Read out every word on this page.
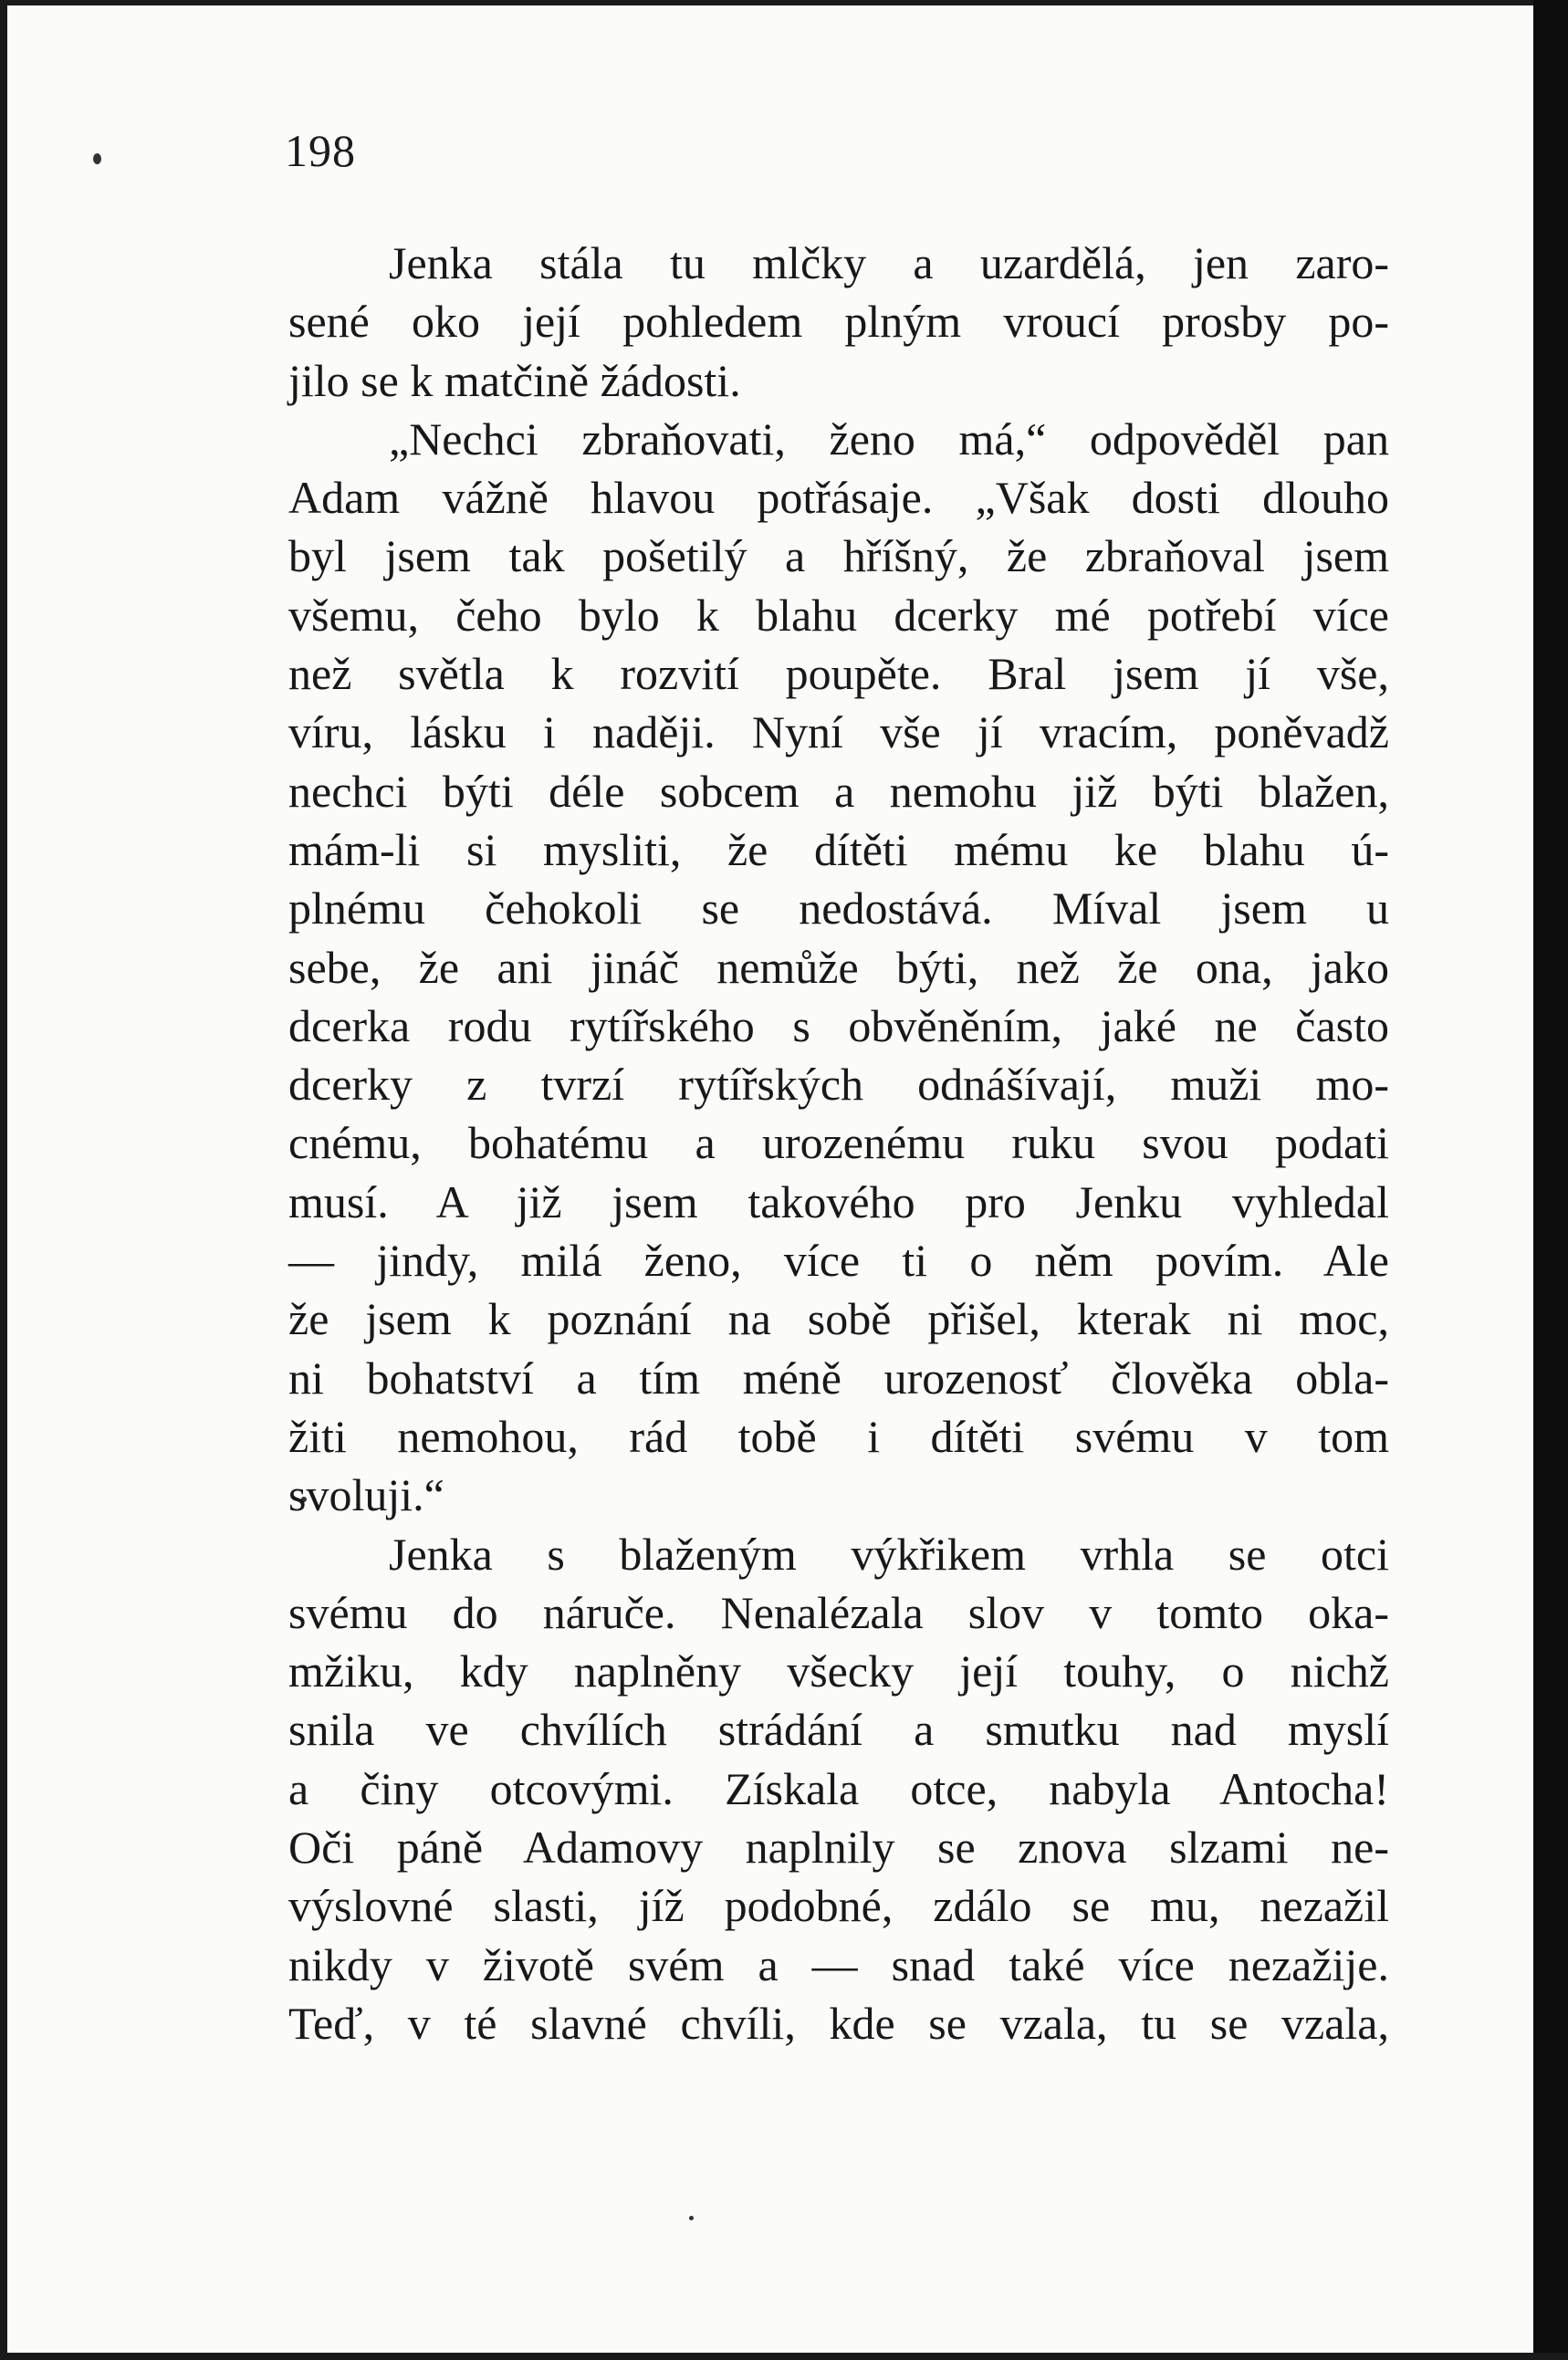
198
Jenka stála tu mlčky a uzardělá, jen zaro-
sené oko její pohledem plným vroucí prosby po-
jilo se k matčině žádosti.
„Nechci zbraňovati, ženo má,“ odpověděl pan
Adam vážně hlavou potřásaje. „Však dosti dlouho
byl jsem tak pošetilý a hříšný, že zbraňoval jsem
všemu, čeho bylo k blahu dcerky mé potřebí více
než světla k rozvití poupěte. Bral jsem jí vše,
víru, lásku i naději. Nyní vše jí vracím, poněvadž
nechci býti déle sobcem a nemohu již býti blažen,
mám-li si mysliti, že dítěti mému ke blahu ú-
plnému čehokoli se nedostává. Míval jsem u
sebe, že ani jináč nemůže býti, než že ona, jako
dcerka rodu rytířského s obvěněním, jaké ne často
dcerky z tvrzí rytířských odnášívají, muži mo-
cnému, bohatému a urozenému ruku svou podati
musí. A již jsem takového pro Jenku vyhledal
— jindy, milá ženo, více ti o něm povím. Ale
že jsem k poznání na sobě přišel, kterak ni moc,
ni bohatství a tím méně urozenosť člověka obla-
žiti nemohou, rád tobě i dítěti svému v tom
svoluji.“
Jenka s blaženým výkřikem vrhla se otci
svému do náruče. Nenalézala slov v tomto oka-
mžiku, kdy naplněny všecky její touhy, o nichž
snila ve chvílích strádání a smutku nad myslí
a činy otcovými. Získala otce, nabyla Antocha!
Oči páně Adamovy naplnily se znova slzami ne-
výslovné slasti, jíž podobné, zdálo se mu, nezažil
nikdy v životě svém a — snad také více nezažije.
Teď, v té slavné chvíli, kde se vzala, tu se vzala,
